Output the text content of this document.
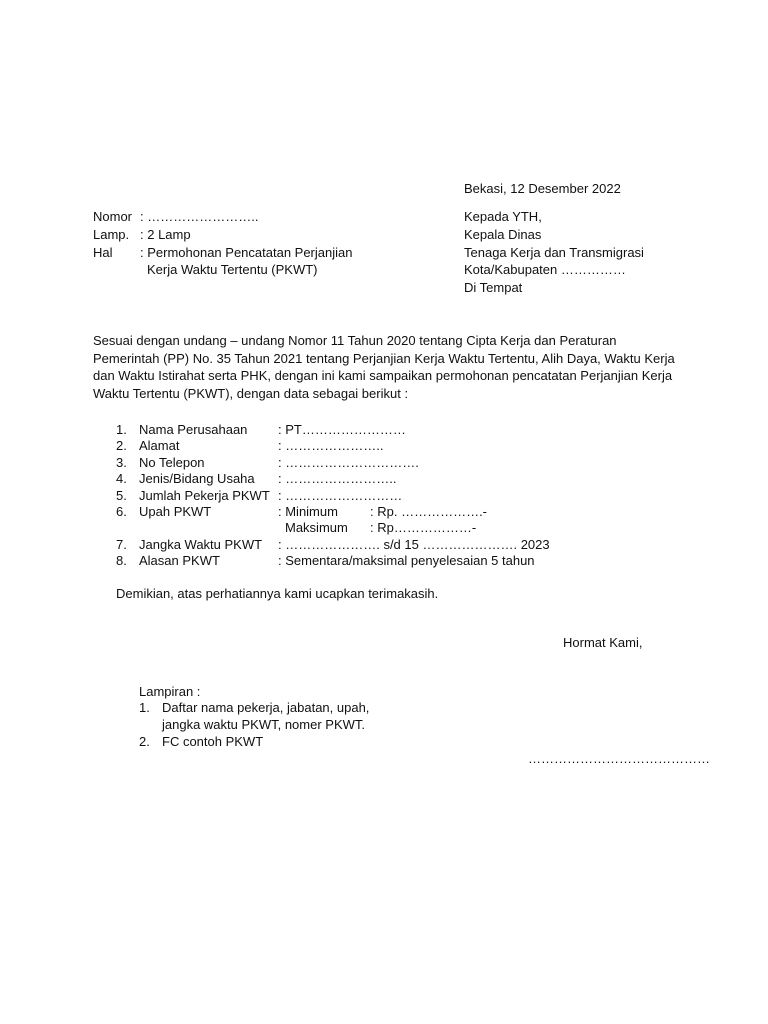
Bekasi, 12 Desember 2022
Nomor : ……………………..
Lamp. : 2 Lamp
Hal : Permohonan Pencatatan Perjanjian
Kerja Waktu Tertentu (PKWT)
Kepada YTH,
Kepala Dinas
Tenaga Kerja dan Transmigrasi
Kota/Kabupaten ……………
Di Tempat
Sesuai dengan undang – undang Nomor 11 Tahun 2020 tentang Cipta Kerja dan Peraturan
Pemerintah (PP) No. 35 Tahun 2021 tentang Perjanjian Kerja Waktu Tertentu, Alih Daya, Waktu Kerja
dan Waktu Istirahat serta PHK, dengan ini kami sampaikan permohonan pencatatan Perjanjian Kerja
Waktu Tertentu (PKWT), dengan data sebagai berikut :
1. Nama Perusahaan : PT……………………
2. Alamat	: …………………..
3. No Telepon	: ………………………….
4. Jenis/Bidang Usaha : ……………………..
5. Jumlah Pekerja PKWT : ………………………
6. Upah PKWT	: Minimum : Rp. ……………….-
Maksimum : Rp………………-
7. Jangka Waktu PKWT : …………………. s/d 15 …………………. 2023
8. Alasan PKWT	: Sementara/maksimal penyelesaian 5 tahun
Demikian, atas perhatiannya kami ucapkan terimakasih.
Hormat Kami,
Lampiran :
1. Daftar nama pekerja, jabatan, upah,
jangka waktu PKWT, nomer PKWT.
2. FC contoh PKWT
……………………………………
